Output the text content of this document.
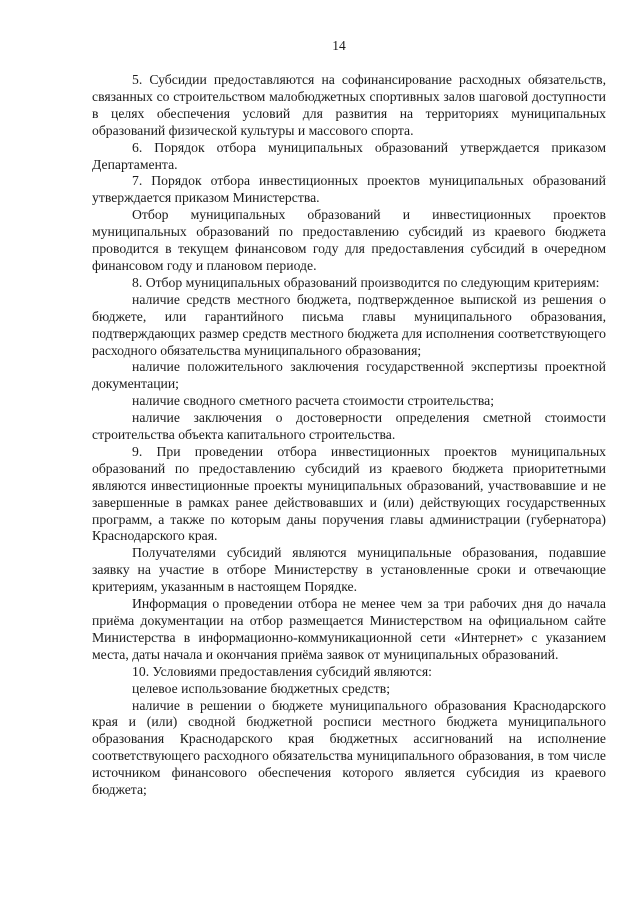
14

5. Субсидии предоставляются на софинансирование расходных обязательств, связанных со строительством малобюджетных спортивных залов шаговой доступности в целях обеспечения условий для развития на территориях муниципальных образований физической культуры и массового спорта.

6. Порядок отбора муниципальных образований утверждается приказом Департамента.

7. Порядок отбора инвестиционных проектов муниципальных образований утверждается приказом Министерства.

Отбор муниципальных образований и инвестиционных проектов муниципальных образований по предоставлению субсидий из краевого бюджета проводится в текущем финансовом году для предоставления субсидий в очередном финансовом году и плановом периоде.

8. Отбор муниципальных образований производится по следующим критериям:

наличие средств местного бюджета, подтвержденное выпиской из решения о бюджете, или гарантийного письма главы муниципального образования, подтверждающих размер средств местного бюджета для исполнения соответствующего расходного обязательства муниципального образования;

наличие положительного заключения государственной экспертизы проектной документации;

наличие сводного сметного расчета стоимости строительства;

наличие заключения о достоверности определения сметной стоимости строительства объекта капитального строительства.

9. При проведении отбора инвестиционных проектов муниципальных образований по предоставлению субсидий из краевого бюджета приоритетными являются инвестиционные проекты муниципальных образований, участвовавшие и не завершенные в рамках ранее действовавших и (или) действующих государственных программ, а также по которым даны поручения главы администрации (губернатора) Краснодарского края.

Получателями субсидий являются муниципальные образования, подавшие заявку на участие в отборе Министерству в установленные сроки и отвечающие критериям, указанным в настоящем Порядке.

Информация о проведении отбора не менее чем за три рабочих дня до начала приёма документации на отбор размещается Министерством на официальном сайте Министерства в информационно-коммуникационной сети «Интернет» с указанием места, даты начала и окончания приёма заявок от муниципальных образований.

10. Условиями предоставления субсидий являются:

целевое использование бюджетных средств;

наличие в решении о бюджете муниципального образования Краснодарского края и (или) сводной бюджетной росписи местного бюджета муниципального образования Краснодарского края бюджетных ассигнований на исполнение соответствующего расходного обязательства муниципального образования, в том числе источником финансового обеспечения которого является субсидия из краевого бюджета;
